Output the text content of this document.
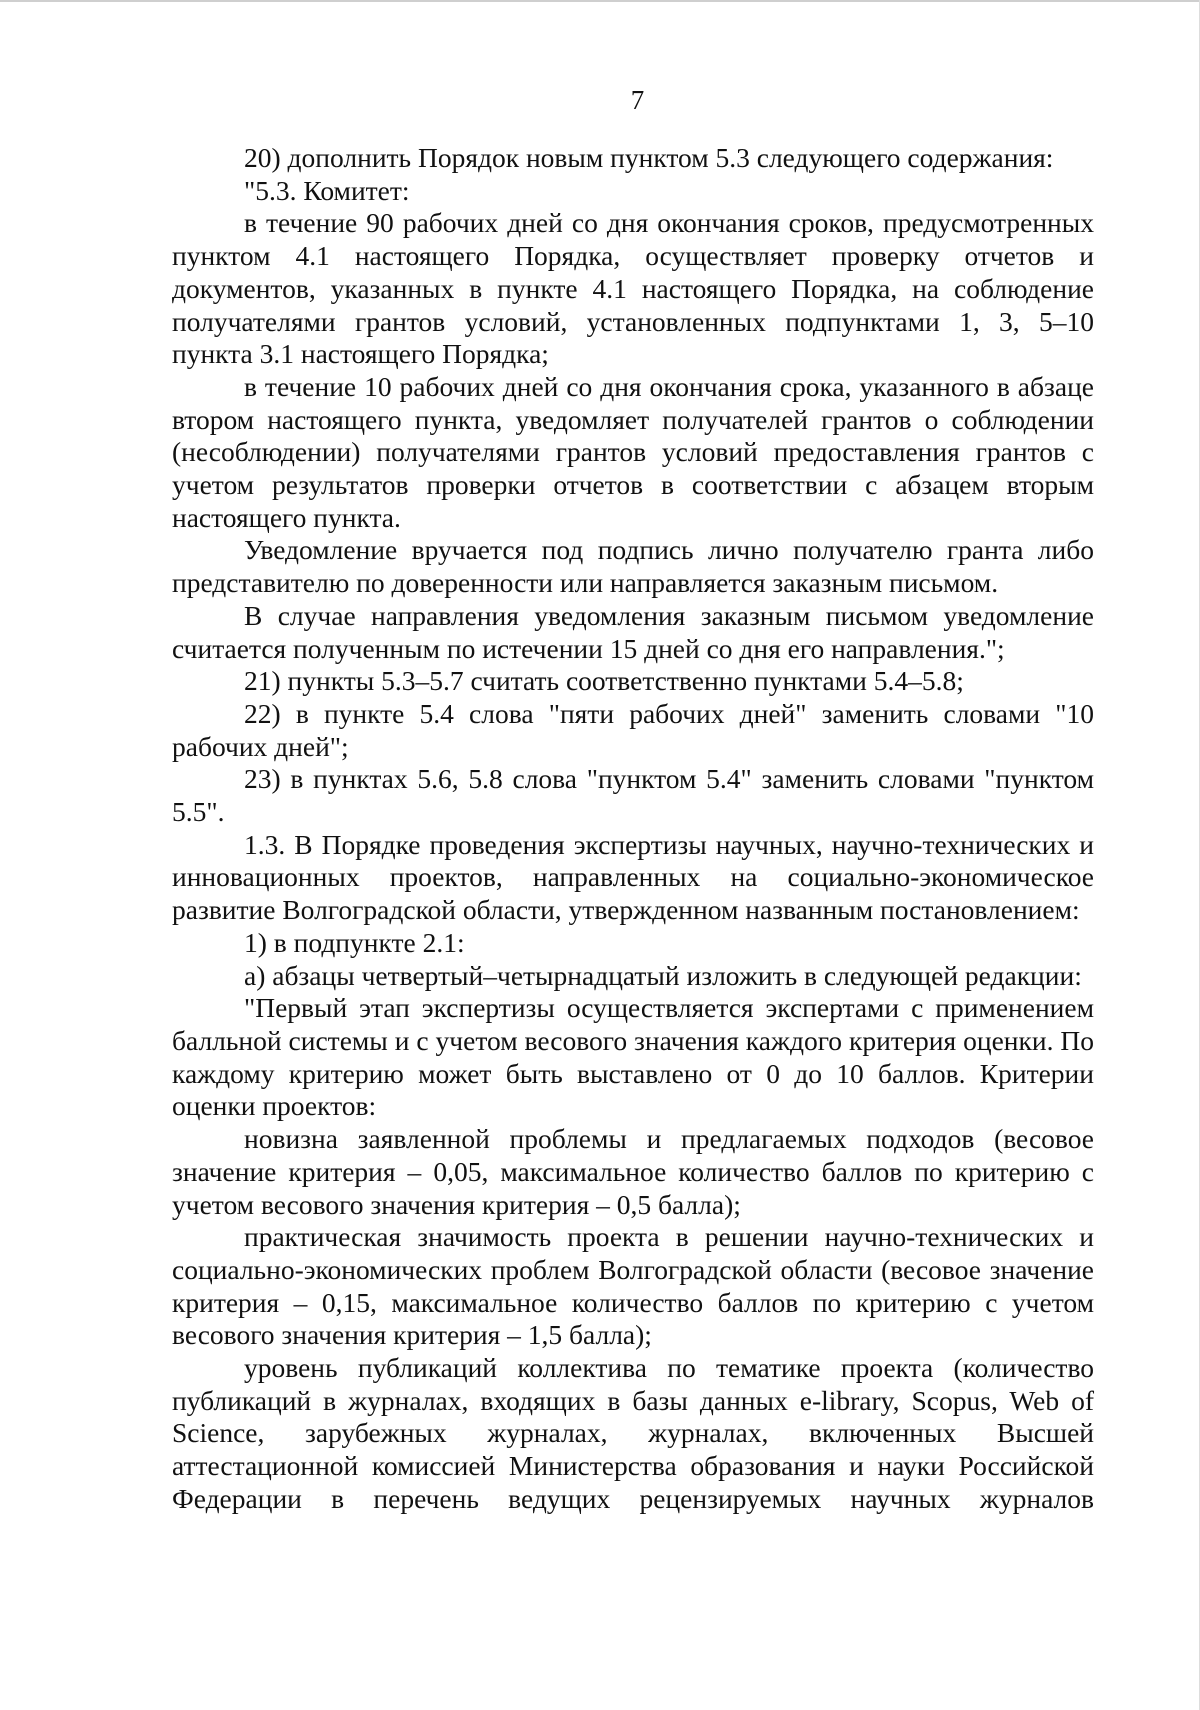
7

20) дополнить Порядок новым пунктом 5.3 следующего содержания:

"5.3. Комитет:

в течение 90 рабочих дней со дня окончания сроков, предусмотренных пунктом 4.1 настоящего Порядка, осуществляет проверку отчетов и документов, указанных в пункте 4.1 настоящего Порядка, на соблюдение получателями грантов условий, установленных подпунктами 1, 3, 5–10 пункта 3.1 настоящего Порядка;

в течение 10 рабочих дней со дня окончания срока, указанного в абзаце втором настоящего пункта, уведомляет получателей грантов о соблюдении (несоблюдении) получателями грантов условий предоставления грантов с учетом результатов проверки отчетов в соответствии с абзацем вторым настоящего пункта.

Уведомление вручается под подпись лично получателю гранта либо представителю по доверенности или направляется заказным письмом.

В случае направления уведомления заказным письмом уведомление считается полученным по истечении 15 дней со дня его направления.";

21) пункты 5.3–5.7 считать соответственно пунктами 5.4–5.8;

22) в пункте 5.4 слова "пяти рабочих дней" заменить словами "10 рабочих дней";

23) в пунктах 5.6, 5.8 слова "пунктом 5.4" заменить словами "пунктом 5.5".

1.3. В Порядке проведения экспертизы научных, научно-технических и инновационных проектов, направленных на социально-экономическое развитие Волгоградской области, утвержденном названным постановлением:

1) в подпункте 2.1:

а) абзацы четвертый–четырнадцатый изложить в следующей редакции:

"Первый этап экспертизы осуществляется экспертами с применением балльной системы и с учетом весового значения каждого критерия оценки. По каждому критерию может быть выставлено от 0 до 10 баллов. Критерии оценки проектов:

новизна заявленной проблемы и предлагаемых подходов (весовое значение критерия – 0,05, максимальное количество баллов по критерию с учетом весового значения критерия – 0,5 балла);

практическая значимость проекта в решении научно-технических и социально-экономических проблем Волгоградской области (весовое значение критерия – 0,15, максимальное количество баллов по критерию с учетом весового значения критерия – 1,5 балла);

уровень публикаций коллектива по тематике проекта (количество публикаций в журналах, входящих в базы данных e-library, Scopus, Web of Science, зарубежных журналах, журналах, включенных Высшей аттестационной комиссией Министерства образования и науки Российской Федерации в перечень ведущих рецензируемых научных журналов
